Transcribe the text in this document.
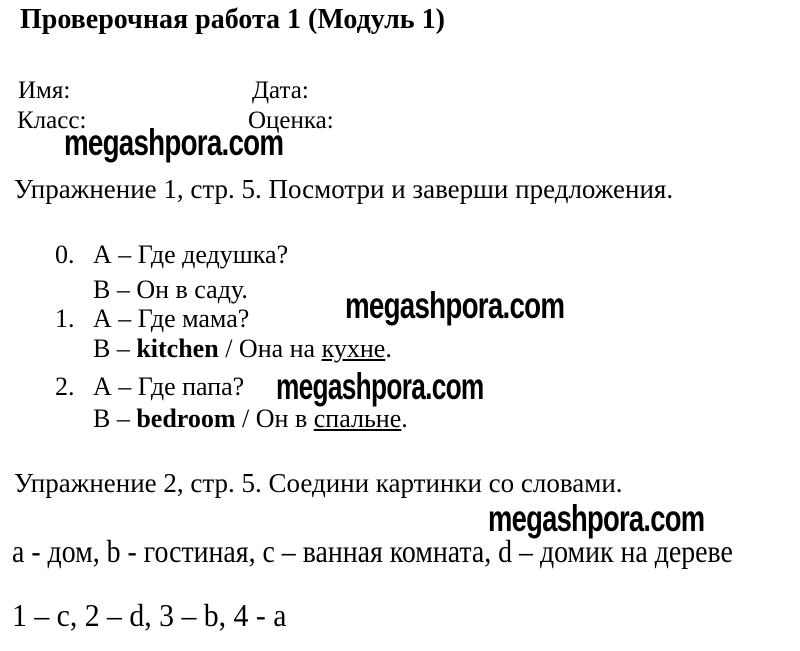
Проверочная работа 1 (Модуль 1)
Имя:	Дата:
Класс:	Оценка:
megashpora.com
Упражнение 1, стр. 5. Посмотри и заверши предложения.
0. А – Где дедушка?
В – Он в саду.
1. А – Где мама?
В – kitchen / Она на кухне.
2. А – Где папа?
В – bedroom / Он в спальне.
megashpora.com
megashpora.com
Упражнение 2, стр. 5. Соедини картинки со словами.
megashpora.com
a - дом, b - гостиная, c – ванная комната, d – домик на дереве
1 – c, 2 – d, 3 – b, 4 - a
